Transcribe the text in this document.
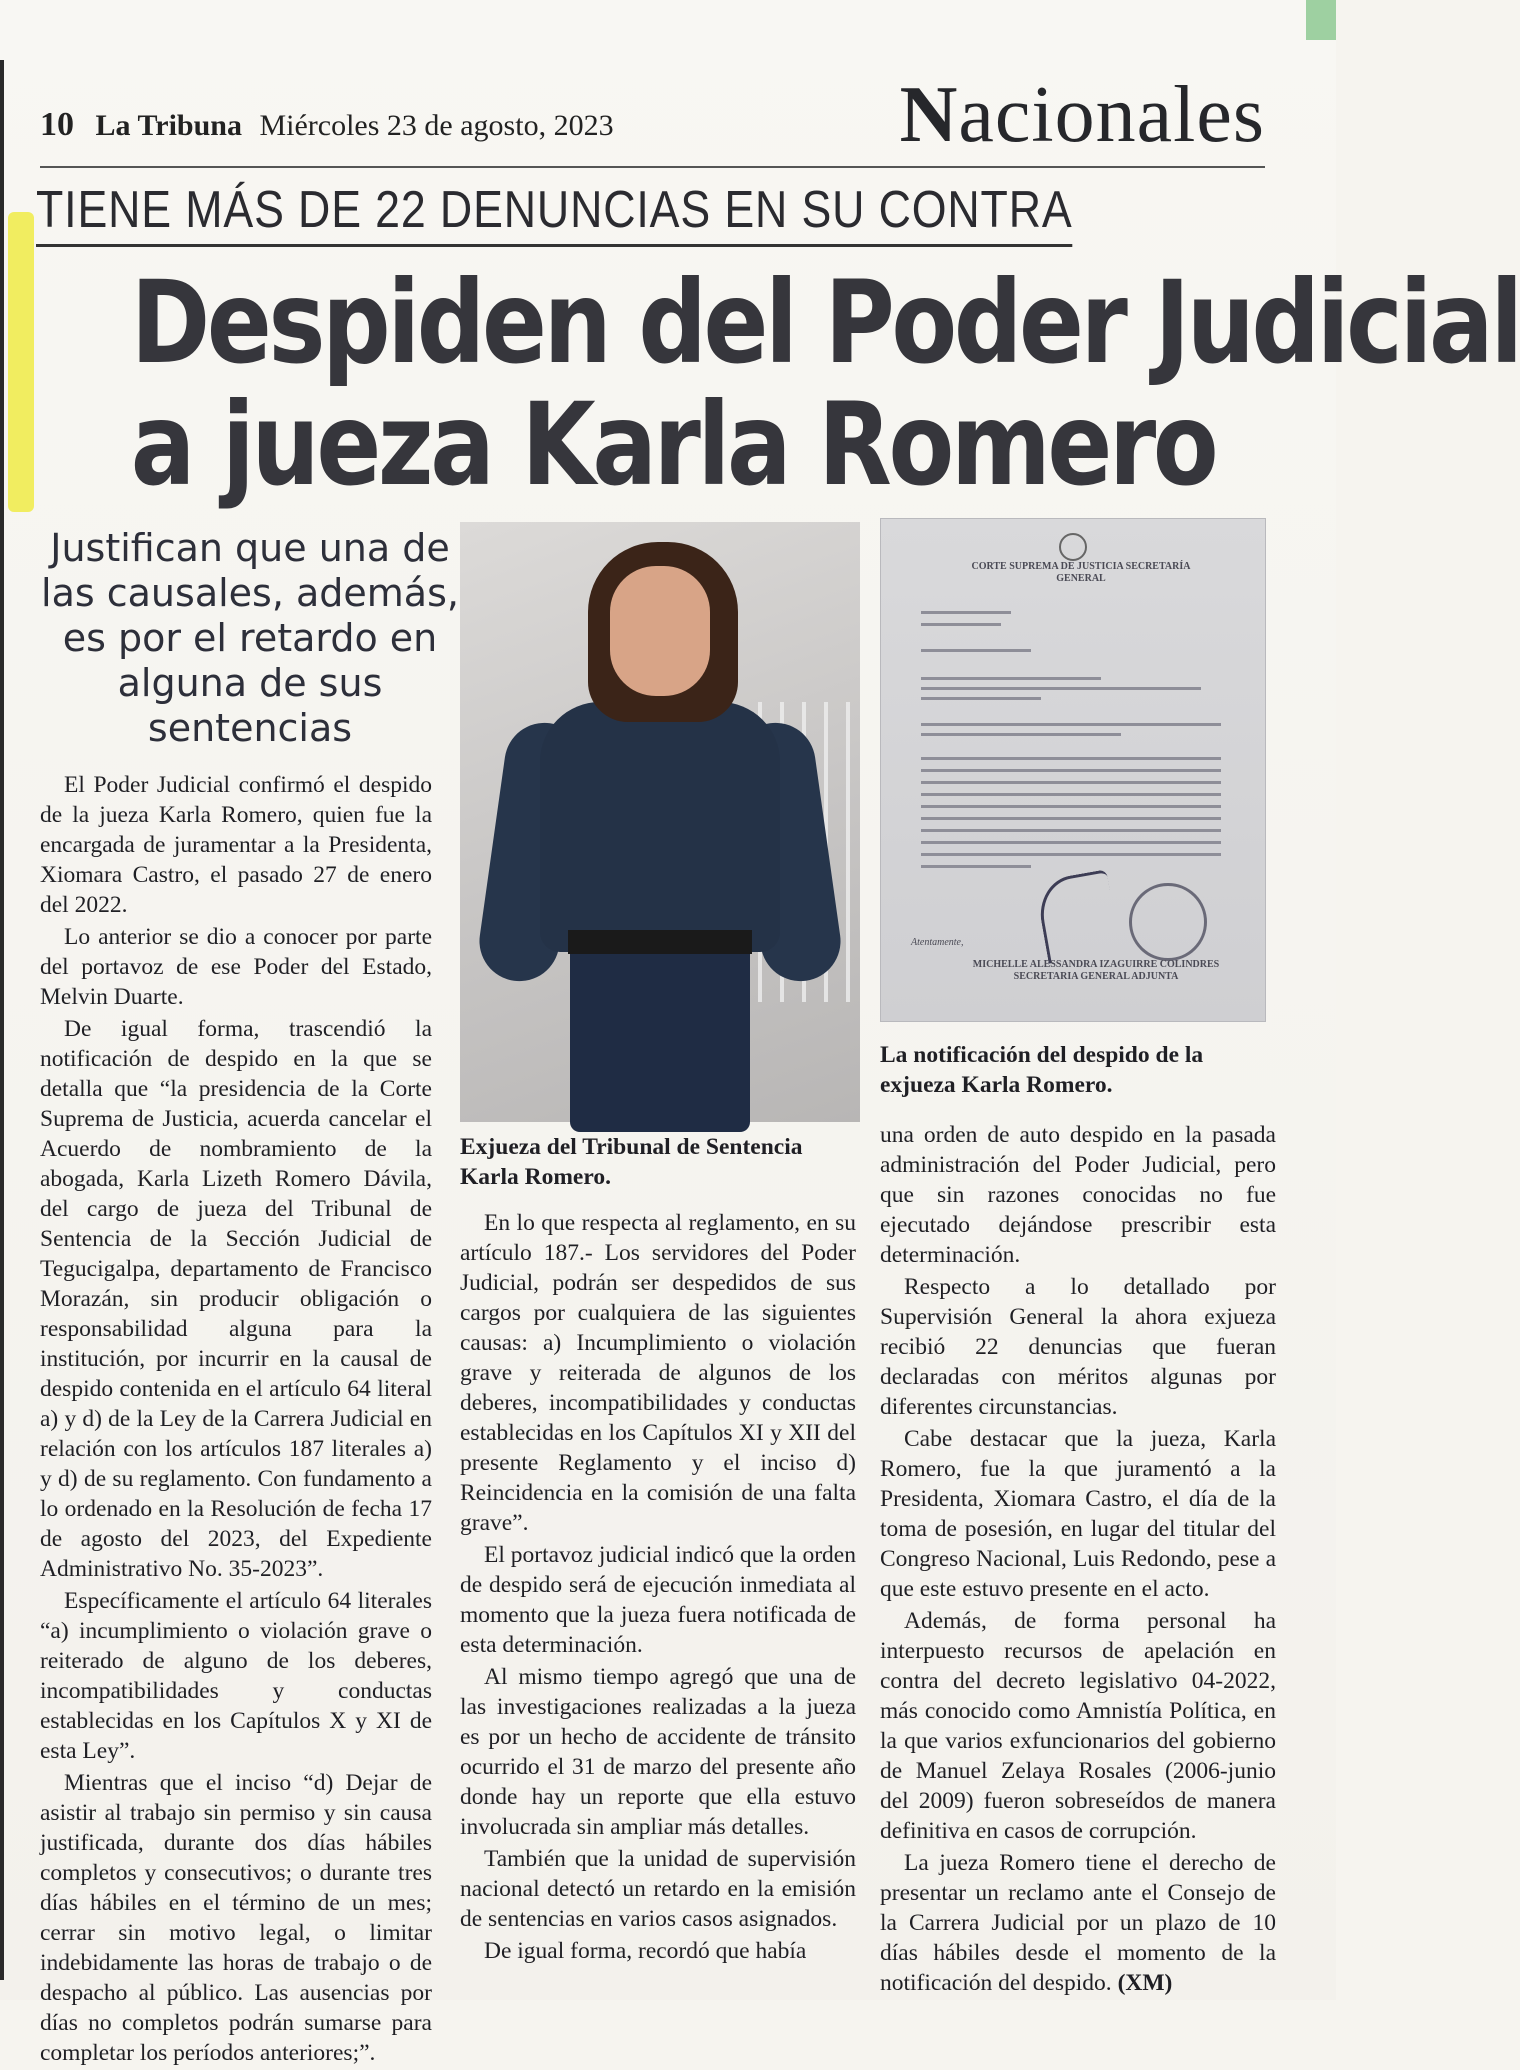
10 La Tribuna Miércoles 23 de agosto, 2023	Nacionales
TIENE MÁS DE 22 DENUNCIAS EN SU CONTRA
Despiden del Poder Judicial
a jueza Karla Romero
Justifican que una de las causales, además, es por el retardo en alguna de sus sentencias

El Poder Judicial confirmó el despido de la jueza Karla Romero, quien fue la encargada de juramentar a la Presidenta, Xiomara Castro, el pasado 27 de enero del 2022.

Lo anterior se dio a conocer por parte del portavoz de ese Poder del Estado, Melvin Duarte.

De igual forma, trascendió la notificación de despido en la que se detalla que “la presidencia de la Corte Suprema de Justicia, acuerda cancelar el Acuerdo de nombramiento de la abogada, Karla Lizeth Romero Dávila, del cargo de jueza del Tribunal de Sentencia de la Sección Judicial de Tegucigalpa, departamento de Francisco Morazán, sin producir obligación o responsabilidad alguna para la institución, por incurrir en la causal de despido contenida en el artículo 64 literal a) y d) de la Ley de la Carrera Judicial en relación con los artículos 187 literales a) y d) de su reglamento. Con fundamento a lo ordenado en la Resolución de fecha 17 de agosto del 2023, del Expediente Administrativo No. 35-2023”.

Específicamente el artículo 64 literales “a) incumplimiento o violación grave o reiterado de alguno de los deberes, incompatibilidades y conductas establecidas en los Capítulos X y XI de esta Ley”.

Mientras que el inciso “d) Dejar de asistir al trabajo sin permiso y sin causa justificada, durante dos días hábiles completos y consecutivos; o durante tres días hábiles en el término de un mes; cerrar sin motivo legal, o limitar indebidamente las horas de trabajo o de despacho al público. Las ausencias por días no completos podrán sumarse para completar los períodos anteriores;”.

Exjueza del Tribunal de Sentencia Karla Romero.

En lo que respecta al reglamento, en su artículo 187.- Los servidores del Poder Judicial, podrán ser despedidos de sus cargos por cualquiera de las siguientes causas: a) Incumplimiento o violación grave y reiterada de algunos de los deberes, incompatibilidades y conductas establecidas en los Capítulos XI y XII del presente Reglamento y el inciso d) Reincidencia en la comisión de una falta grave”.

El portavoz judicial indicó que la orden de despido será de ejecución inmediata al momento que la jueza fuera notificada de esta determinación.

Al mismo tiempo agregó que una de las investigaciones realizadas a la jueza es por un hecho de accidente de tránsito ocurrido el 31 de marzo del presente año donde hay un reporte que ella estuvo involucrada sin ampliar más detalles.

También que la unidad de supervisión nacional detectó un retardo en la emisión de sentencias en varios casos asignados.

De igual forma, recordó que había

CORTE SUPREMA DE JUSTICIA SECRETARÍA GENERAL
Atentamente,
MICHELLE ALESSANDRA IZAGUIRRE COLINDRES SECRETARIA GENERAL ADJUNTA
La notificación del despido de la exjueza Karla Romero.

una orden de auto despido en la pasada administración del Poder Judicial, pero que sin razones conocidas no fue ejecutado dejándose prescribir esta determinación.

Respecto a lo detallado por Supervisión General la ahora exjueza recibió 22 denuncias que fueran declaradas con méritos algunas por diferentes circunstancias.

Cabe destacar que la jueza, Karla Romero, fue la que juramentó a la Presidenta, Xiomara Castro, el día de la toma de posesión, en lugar del titular del Congreso Nacional, Luis Redondo, pese a que este estuvo presente en el acto.

Además, de forma personal ha interpuesto recursos de apelación en contra del decreto legislativo 04-2022, más conocido como Amnistía Política, en la que varios exfuncionarios del gobierno de Manuel Zelaya Rosales (2006-junio del 2009) fueron sobreseídos de manera definitiva en casos de corrupción.

La jueza Romero tiene el derecho de presentar un reclamo ante el Consejo de la Carrera Judicial por un plazo de 10 días hábiles desde el momento de la notificación del despido. (XM)
